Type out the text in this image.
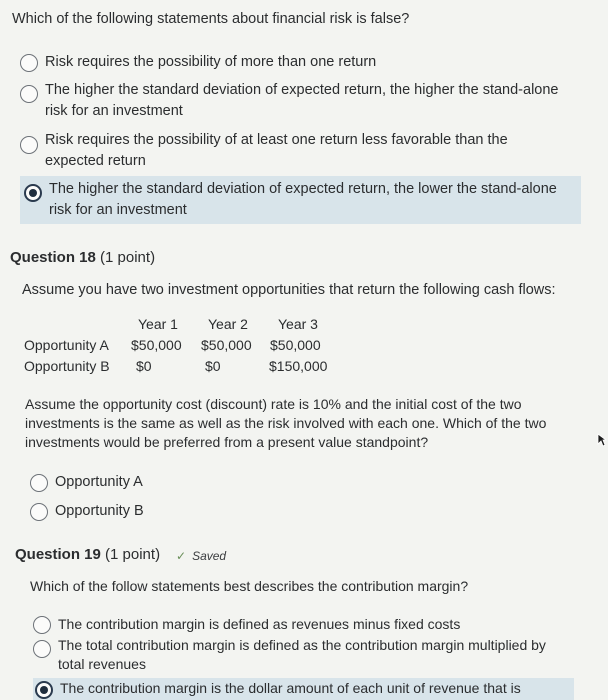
Which of the following statements about financial risk is false?
Risk requires the possibility of more than one return
The higher the standard deviation of expected return, the higher the stand-alone risk for an investment
Risk requires the possibility of at least one return less favorable than the expected return
The higher the standard deviation of expected return, the lower the stand-alone risk for an investment
Question 18 (1 point)
Assume you have two investment opportunities that return the following cash flows:
Year 1 Year 2 Year 3
Opportunity A $50,000 $50,000 $50,000
Opportunity B $0	$0	$150,000
Assume the opportunity cost (discount) rate is 10% and the initial cost of the two investments is the same as well as the risk involved with each one. Which of the two investments would be preferred from a present value standpoint?
Opportunity A
Opportunity B
Question 19 (1 point) ✓ Saved
Which of the follow statements best describes the contribution margin?
The contribution margin is defined as revenues minus fixed costs
The total contribution margin is defined as the contribution margin multiplied by total revenues
The contribution margin is the dollar amount of each unit of revenue that is
